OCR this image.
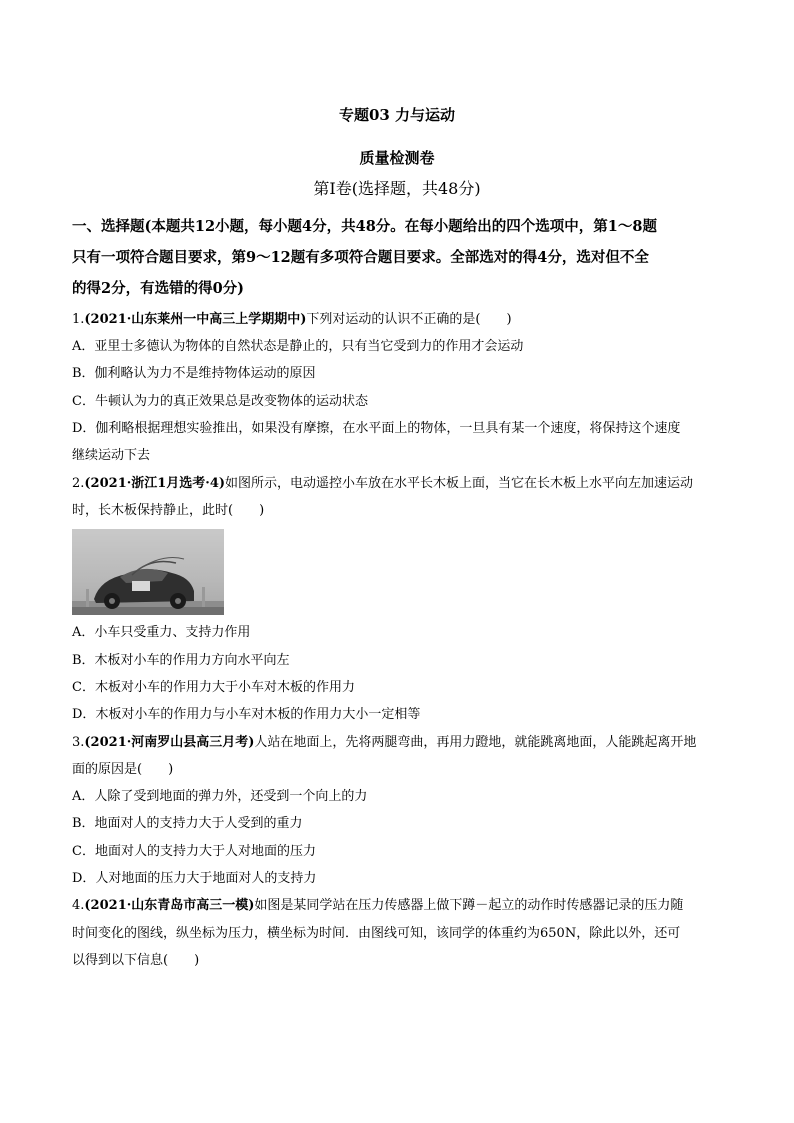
专题03 力与运动
质量检测卷
第Ⅰ卷(选择题，共48分)
一、选择题(本题共12小题，每小题4分，共48分。在每小题给出的四个选项中，第1～8题
只有一项符合题目要求，第9～12题有多项符合题目要求。全部选对的得4分，选对但不全
的得2分，有选错的得0分)
1.(2021·山东莱州一中高三上学期期中)下列对运动的认识不正确的是(　　)
A．亚里士多德认为物体的自然状态是静止的，只有当它受到力的作用才会运动
B．伽利略认为力不是维持物体运动的原因
C．牛顿认为力的真正效果总是改变物体的运动状态
D．伽利略根据理想实验推出，如果没有摩擦，在水平面上的物体，一旦具有某一个速度，将保持这个速度
继续运动下去
2.(2021·浙江1月选考·4)如图所示，电动遥控小车放在水平长木板上面，当它在长木板上水平向左加速运动
时，长木板保持静止，此时(　　)
A．小车只受重力、支持力作用
B．木板对小车的作用力方向水平向左
C．木板对小车的作用力大于小车对木板的作用力
D．木板对小车的作用力与小车对木板的作用力大小一定相等
3.(2021·河南罗山县高三月考)人站在地面上，先将两腿弯曲，再用力蹬地，就能跳离地面，人能跳起离开地
面的原因是(　　)
A．人除了受到地面的弹力外，还受到一个向上的力
B．地面对人的支持力大于人受到的重力
C．地面对人的支持力大于人对地面的压力
D．人对地面的压力大于地面对人的支持力
4.(2021·山东青岛市高三一模)如图是某同学站在压力传感器上做下蹲－起立的动作时传感器记录的压力随
时间变化的图线，纵坐标为压力，横坐标为时间．由图线可知，该同学的体重约为650N，除此以外，还可
以得到以下信息(　　)
